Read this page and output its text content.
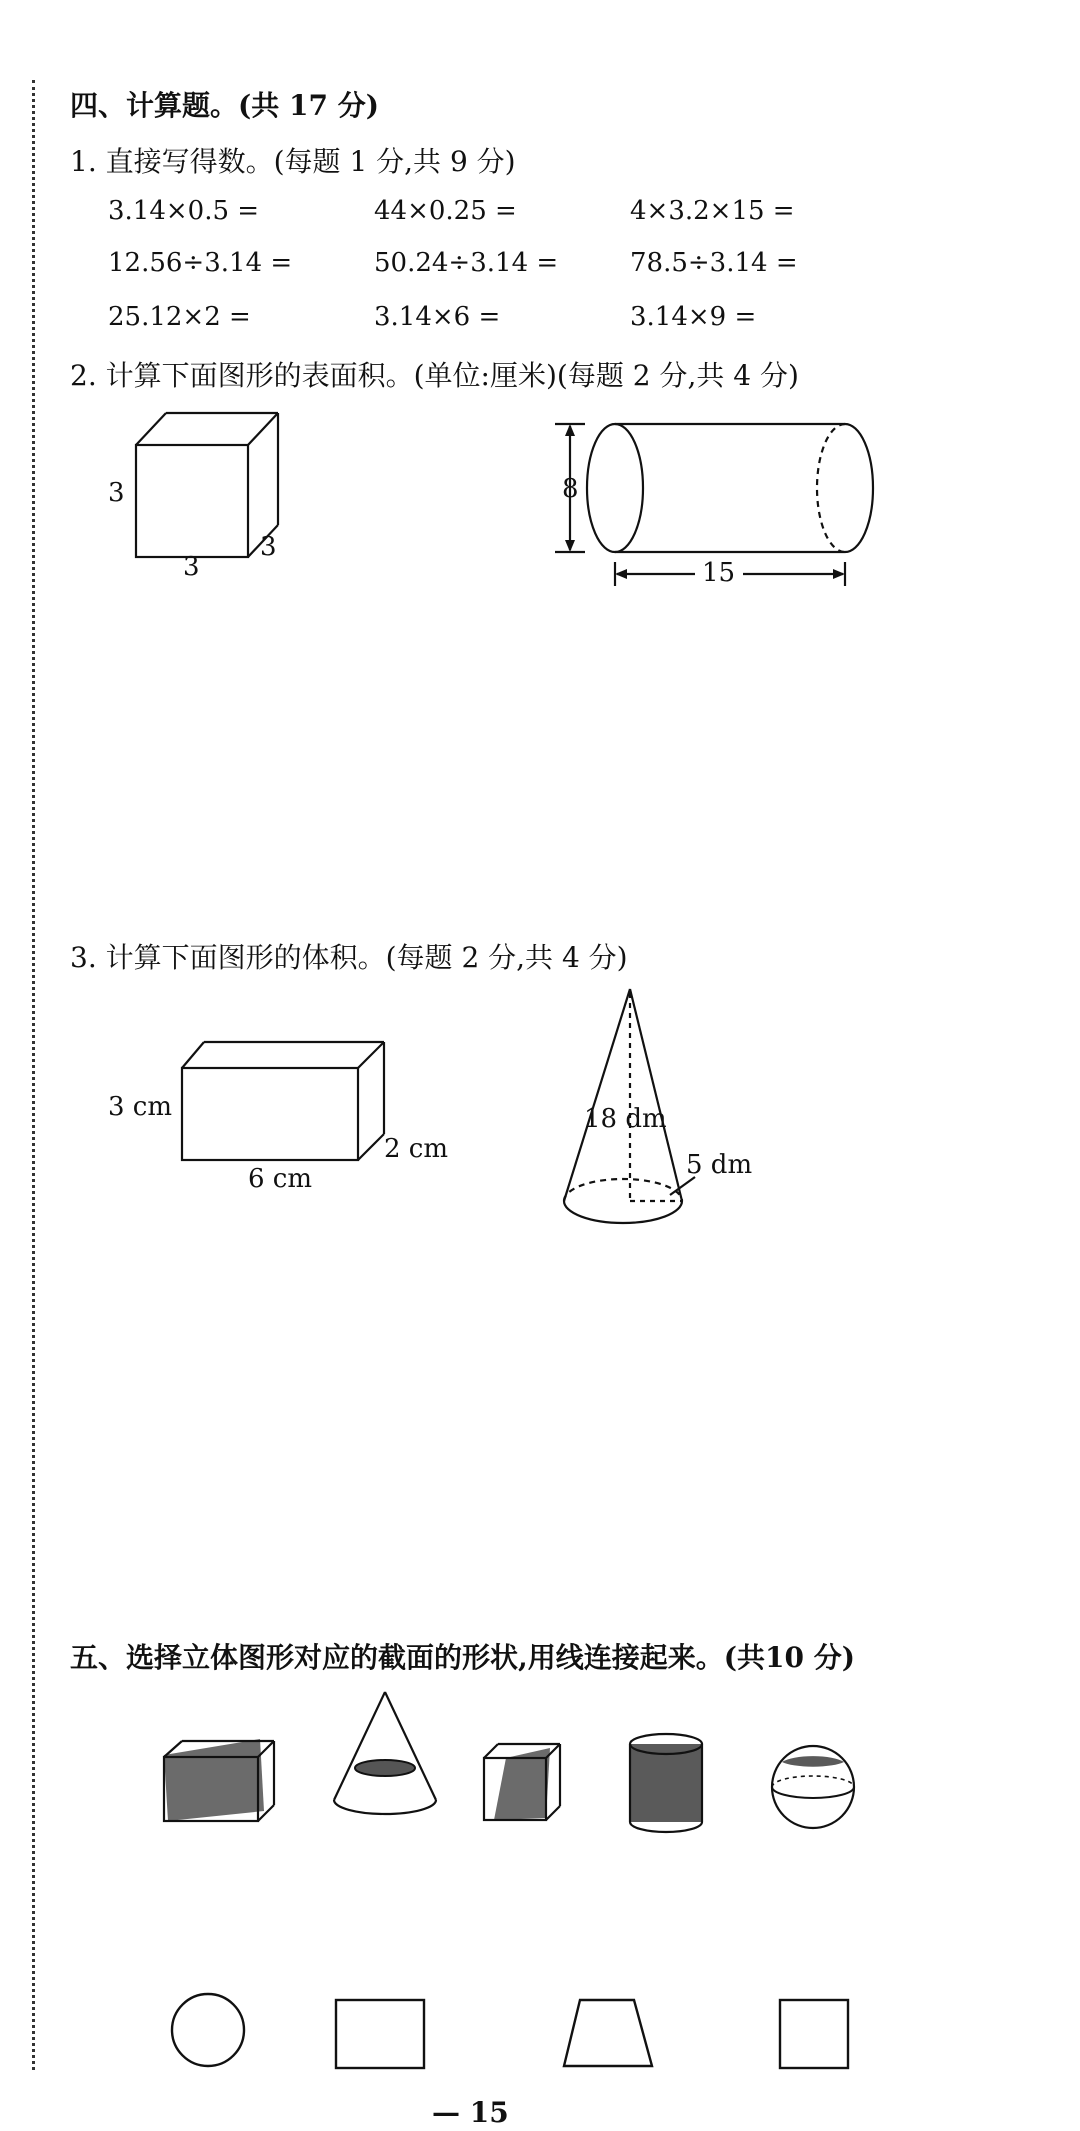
四、计算题。(共 17 分)
1. 直接写得数。(每题 1 分,共 9 分)
3.14×0.5 =	44×0.25 =	4×3.2×15 =
12.56÷3.14 =	50.24÷3.14 =	78.5÷3.14 =
25.12×2 =	3.14×6 =	3.14×9 =
2. 计算下面图形的表面积。(单位:厘米)(每题 2 分,共 4 分)
3
3
3
8
15
3. 计算下面图形的体积。(每题 2 分,共 4 分)
3 cm
6 cm
2 cm
18 dm
5 dm
五、选择立体图形对应的截面的形状,用线连接起来。(共10 分)
— 15
